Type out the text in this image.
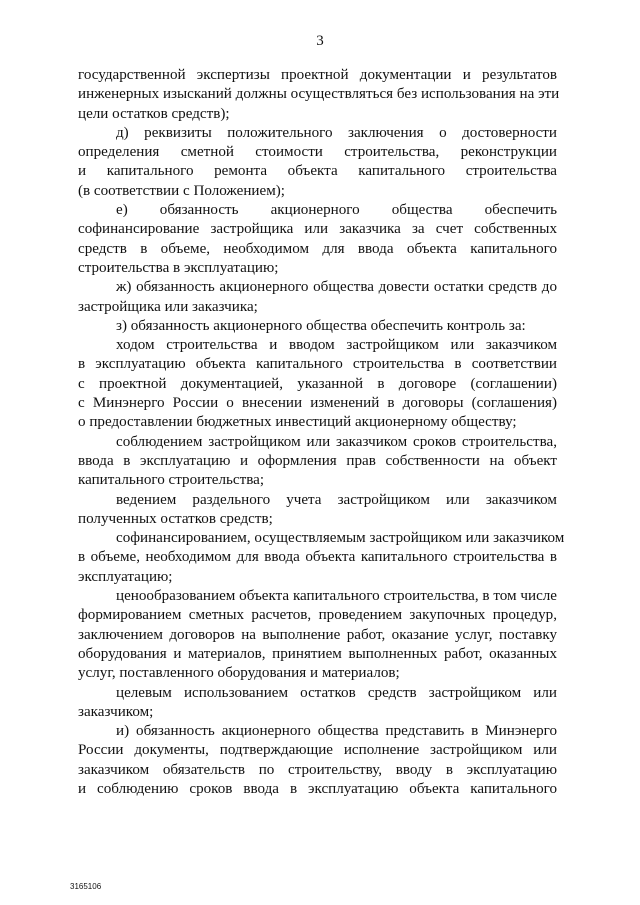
3
государственной экспертизы проектной документации и результатов
инженерных изысканий должны осуществляться без использования на эти
цели остатков средств);
д) реквизиты положительного заключения о достоверности
определения сметной стоимости строительства, реконструкции
и капитального ремонта объекта капитального строительства
(в соответствии с Положением);
е) обязанность акционерного общества обеспечить
софинансирование застройщика или заказчика за счет собственных
средств в объеме, необходимом для ввода объекта капитального
строительства в эксплуатацию;
ж) обязанность акционерного общества довести остатки средств до
застройщика или заказчика;
з) обязанность акционерного общества обеспечить контроль за:
ходом строительства и вводом застройщиком или заказчиком
в эксплуатацию объекта капитального строительства в соответствии
с проектной документацией, указанной в договоре (соглашении)
с Минэнерго России о внесении изменений в договоры (соглашения)
о предоставлении бюджетных инвестиций акционерному обществу;
соблюдением застройщиком или заказчиком сроков строительства,
ввода в эксплуатацию и оформления прав собственности на объект
капитального строительства;
ведением раздельного учета застройщиком или заказчиком
полученных остатков средств;
софинансированием, осуществляемым застройщиком или заказчиком
в объеме, необходимом для ввода объекта капитального строительства в
эксплуатацию;
ценообразованием объекта капитального строительства, в том числе
формированием сметных расчетов, проведением закупочных процедур,
заключением договоров на выполнение работ, оказание услуг, поставку
оборудования и материалов, принятием выполненных работ, оказанных
услуг, поставленного оборудования и материалов;
целевым использованием остатков средств застройщиком или
заказчиком;
и) обязанность акционерного общества представить в Минэнерго
России документы, подтверждающие исполнение застройщиком или
заказчиком обязательств по строительству, вводу в эксплуатацию
и соблюдению сроков ввода в эксплуатацию объекта капитального
3165106
